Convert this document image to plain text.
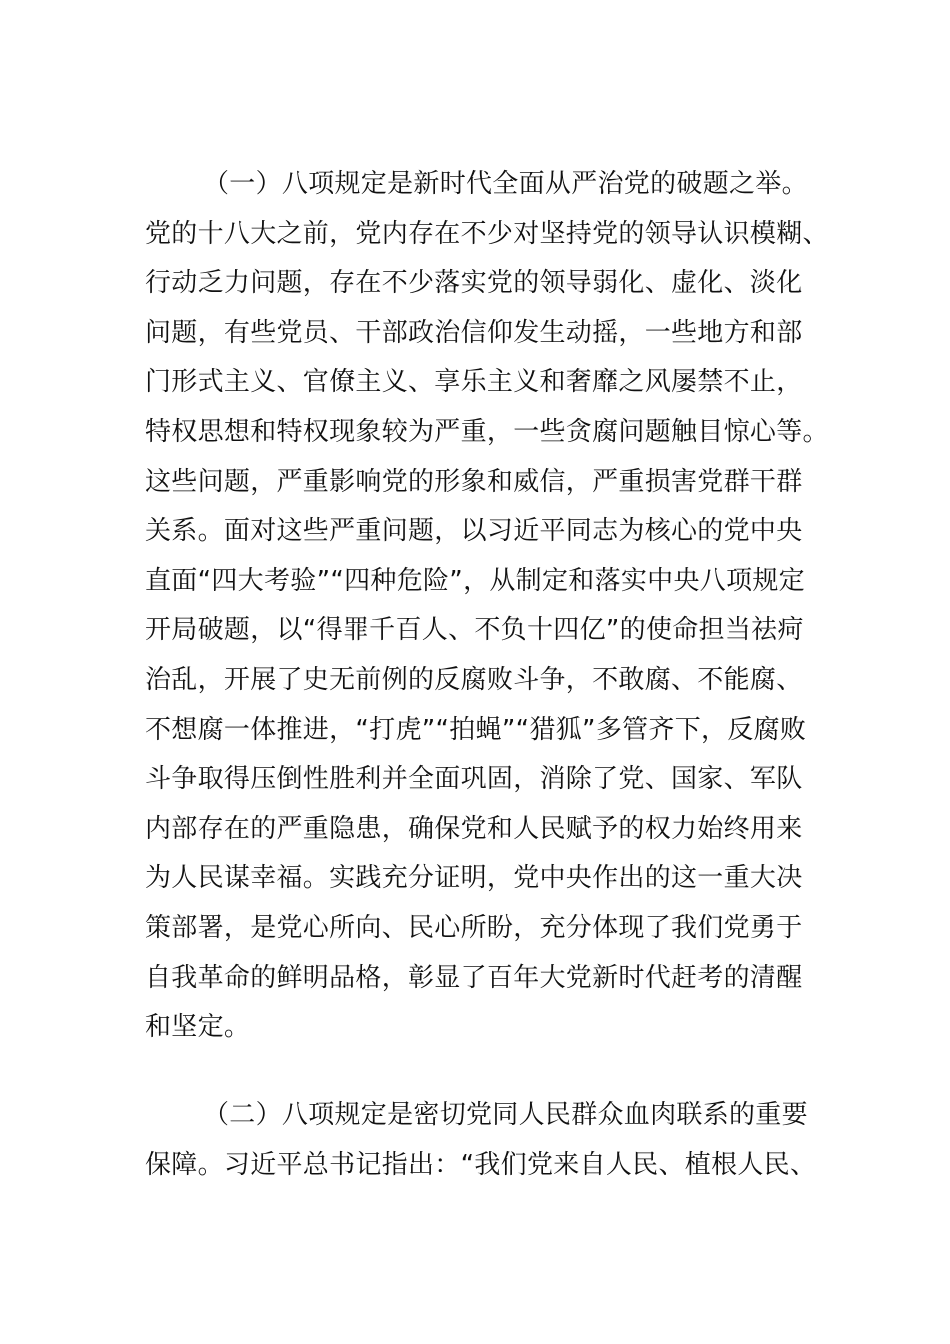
（一）八项规定是新时代全面从严治党的破题之举。
党的十八大之前，党内存在不少对坚持党的领导认识模糊、
行动乏力问题，存在不少落实党的领导弱化、虚化、淡化
问题，有些党员、干部政治信仰发生动摇，一些地方和部
门形式主义、官僚主义、享乐主义和奢靡之风屡禁不止，
特权思想和特权现象较为严重，一些贪腐问题触目惊心等。
这些问题，严重影响党的形象和威信，严重损害党群干群
关系。面对这些严重问题，以习近平同志为核心的党中央
直面“四大考验”“四种危险”，从制定和落实中央八项规定
开局破题，以“得罪千百人、不负十四亿”的使命担当祛疴
治乱，开展了史无前例的反腐败斗争，不敢腐、不能腐、
不想腐一体推进，“打虎”“拍蝇”“猎狐”多管齐下，反腐败
斗争取得压倒性胜利并全面巩固，消除了党、国家、军队
内部存在的严重隐患，确保党和人民赋予的权力始终用来
为人民谋幸福。实践充分证明，党中央作出的这一重大决
策部署，是党心所向、民心所盼，充分体现了我们党勇于
自我革命的鲜明品格，彰显了百年大党新时代赶考的清醒
和坚定。
（二）八项规定是密切党同人民群众血肉联系的重要
保障。习近平总书记指出：“我们党来自人民、植根人民、
